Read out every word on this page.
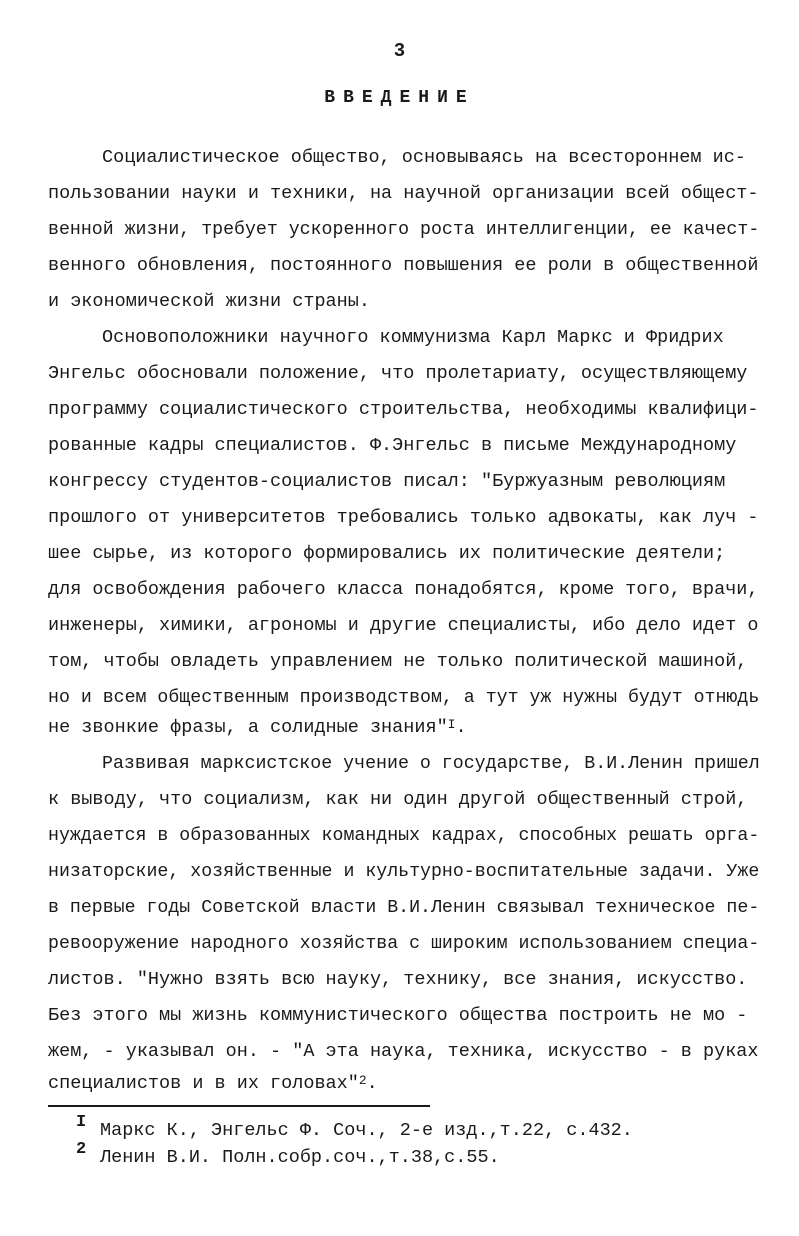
3
ВВЕДЕНИЕ
Социалистическое общество, основываясь на всестороннем ис-
пользовании науки и техники, на научной организации всей общест-
венной жизни, требует ускоренного роста интеллигенции, ее качест-
венного обновления, постоянного повышения ее роли в общественной
и экономической жизни страны.
Основоположники научного коммунизма Карл Маркс и Фридрих
Энгельс обосновали положение, что пролетариату, осуществляющему
программу социалистического строительства, необходимы квалифици-
рованные кадры специалистов. Ф.Энгельс в письме Международному
конгрессу студентов-социалистов писал: "Буржуазным революциям
прошлого от университетов требовались только адвокаты, как луч -
шее сырье, из которого формировались их политические деятели;
для освобождения рабочего класса понадобятся, кроме того, врачи,
инженеры, химики, агрономы и другие специалисты, ибо дело идет о
том, чтобы овладеть управлением не только политической машиной,
но и всем общественным производством, а тут уж нужны будут отнюдь
не звонкие фразы, а солидные знания"$^I$.
Развивая марксистское учение о государстве, В.И.Ленин пришел
к выводу, что социализм, как ни один другой общественный строй,
нуждается в образованных командных кадрах, способных решать орга-
низаторские, хозяйственные и культурно-воспитательные задачи. Уже
в первые годы Советской власти В.И.Ленин связывал техническое пе-
ревооружение народного хозяйства с широким использованием специа-
листов. "Нужно взять всю науку, технику, все знания, искусство.
Без этого мы жизнь коммунистического общества построить не мо -
жем, - указывал он. - "А эта наука, техника, искусство - в руках
специалистов и в их головах"$^2$.
I Маркс К., Энгельс Ф. Соч., 2-е изд.,т.22, с.432.
2 Ленин В.И. Полн.собр.соч.,т.38,с.55.
